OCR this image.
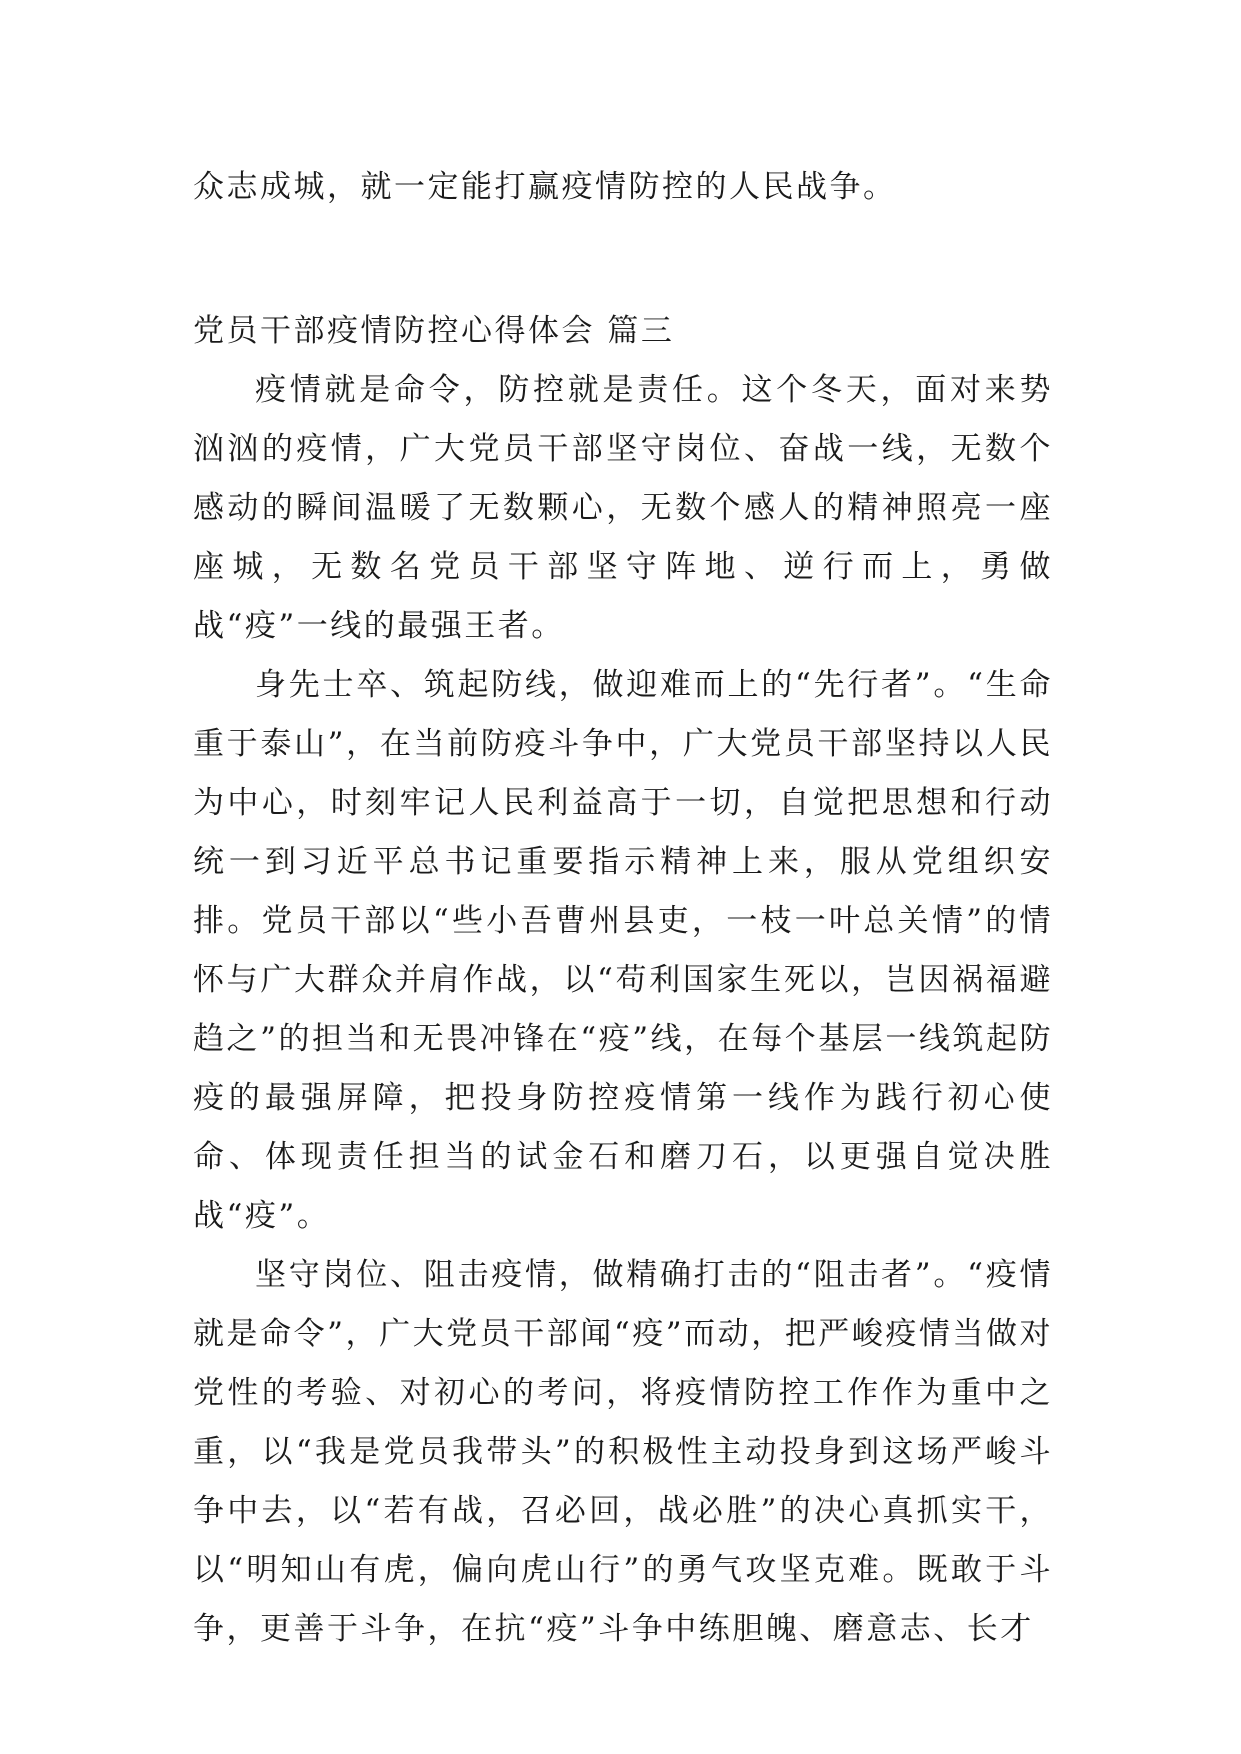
众志成城，就一定能打赢疫情防控的人民战争。

党员干部疫情防控心得体会 篇三

疫情就是命令，防控就是责任。这个冬天，面对来势汹汹的疫情，广大党员干部坚守岗位、奋战一线，无数个感动的瞬间温暖了无数颗心，无数个感人的精神照亮一座座城，无数名党员干部坚守阵地、逆行而上，勇做战“疫”一线的最强王者。

身先士卒、筑起防线，做迎难而上的“先行者”。“生命重于泰山”，在当前防疫斗争中，广大党员干部坚持以人民为中心，时刻牢记人民利益高于一切，自觉把思想和行动统一到习近平总书记重要指示精神上来，服从党组织安排。党员干部以“些小吾曹州县吏，一枝一叶总关情”的情怀与广大群众并肩作战，以“苟利国家生死以，岂因祸福避趋之”的担当和无畏冲锋在“疫”线，在每个基层一线筑起防疫的最强屏障，把投身防控疫情第一线作为践行初心使命、体现责任担当的试金石和磨刀石，以更强自觉决胜战“疫”。

坚守岗位、阻击疫情，做精确打击的“阻击者”。“疫情就是命令”，广大党员干部闻“疫”而动，把严峻疫情当做对党性的考验、对初心的考问，将疫情防控工作作为重中之重，以“我是党员我带头”的积极性主动投身到这场严峻斗争中去，以“若有战，召必回，战必胜”的决心真抓实干，以“明知山有虎，偏向虎山行”的勇气攻坚克难。既敢于斗争，更善于斗争，在抗“疫”斗争中练胆魄、磨意志、长才
